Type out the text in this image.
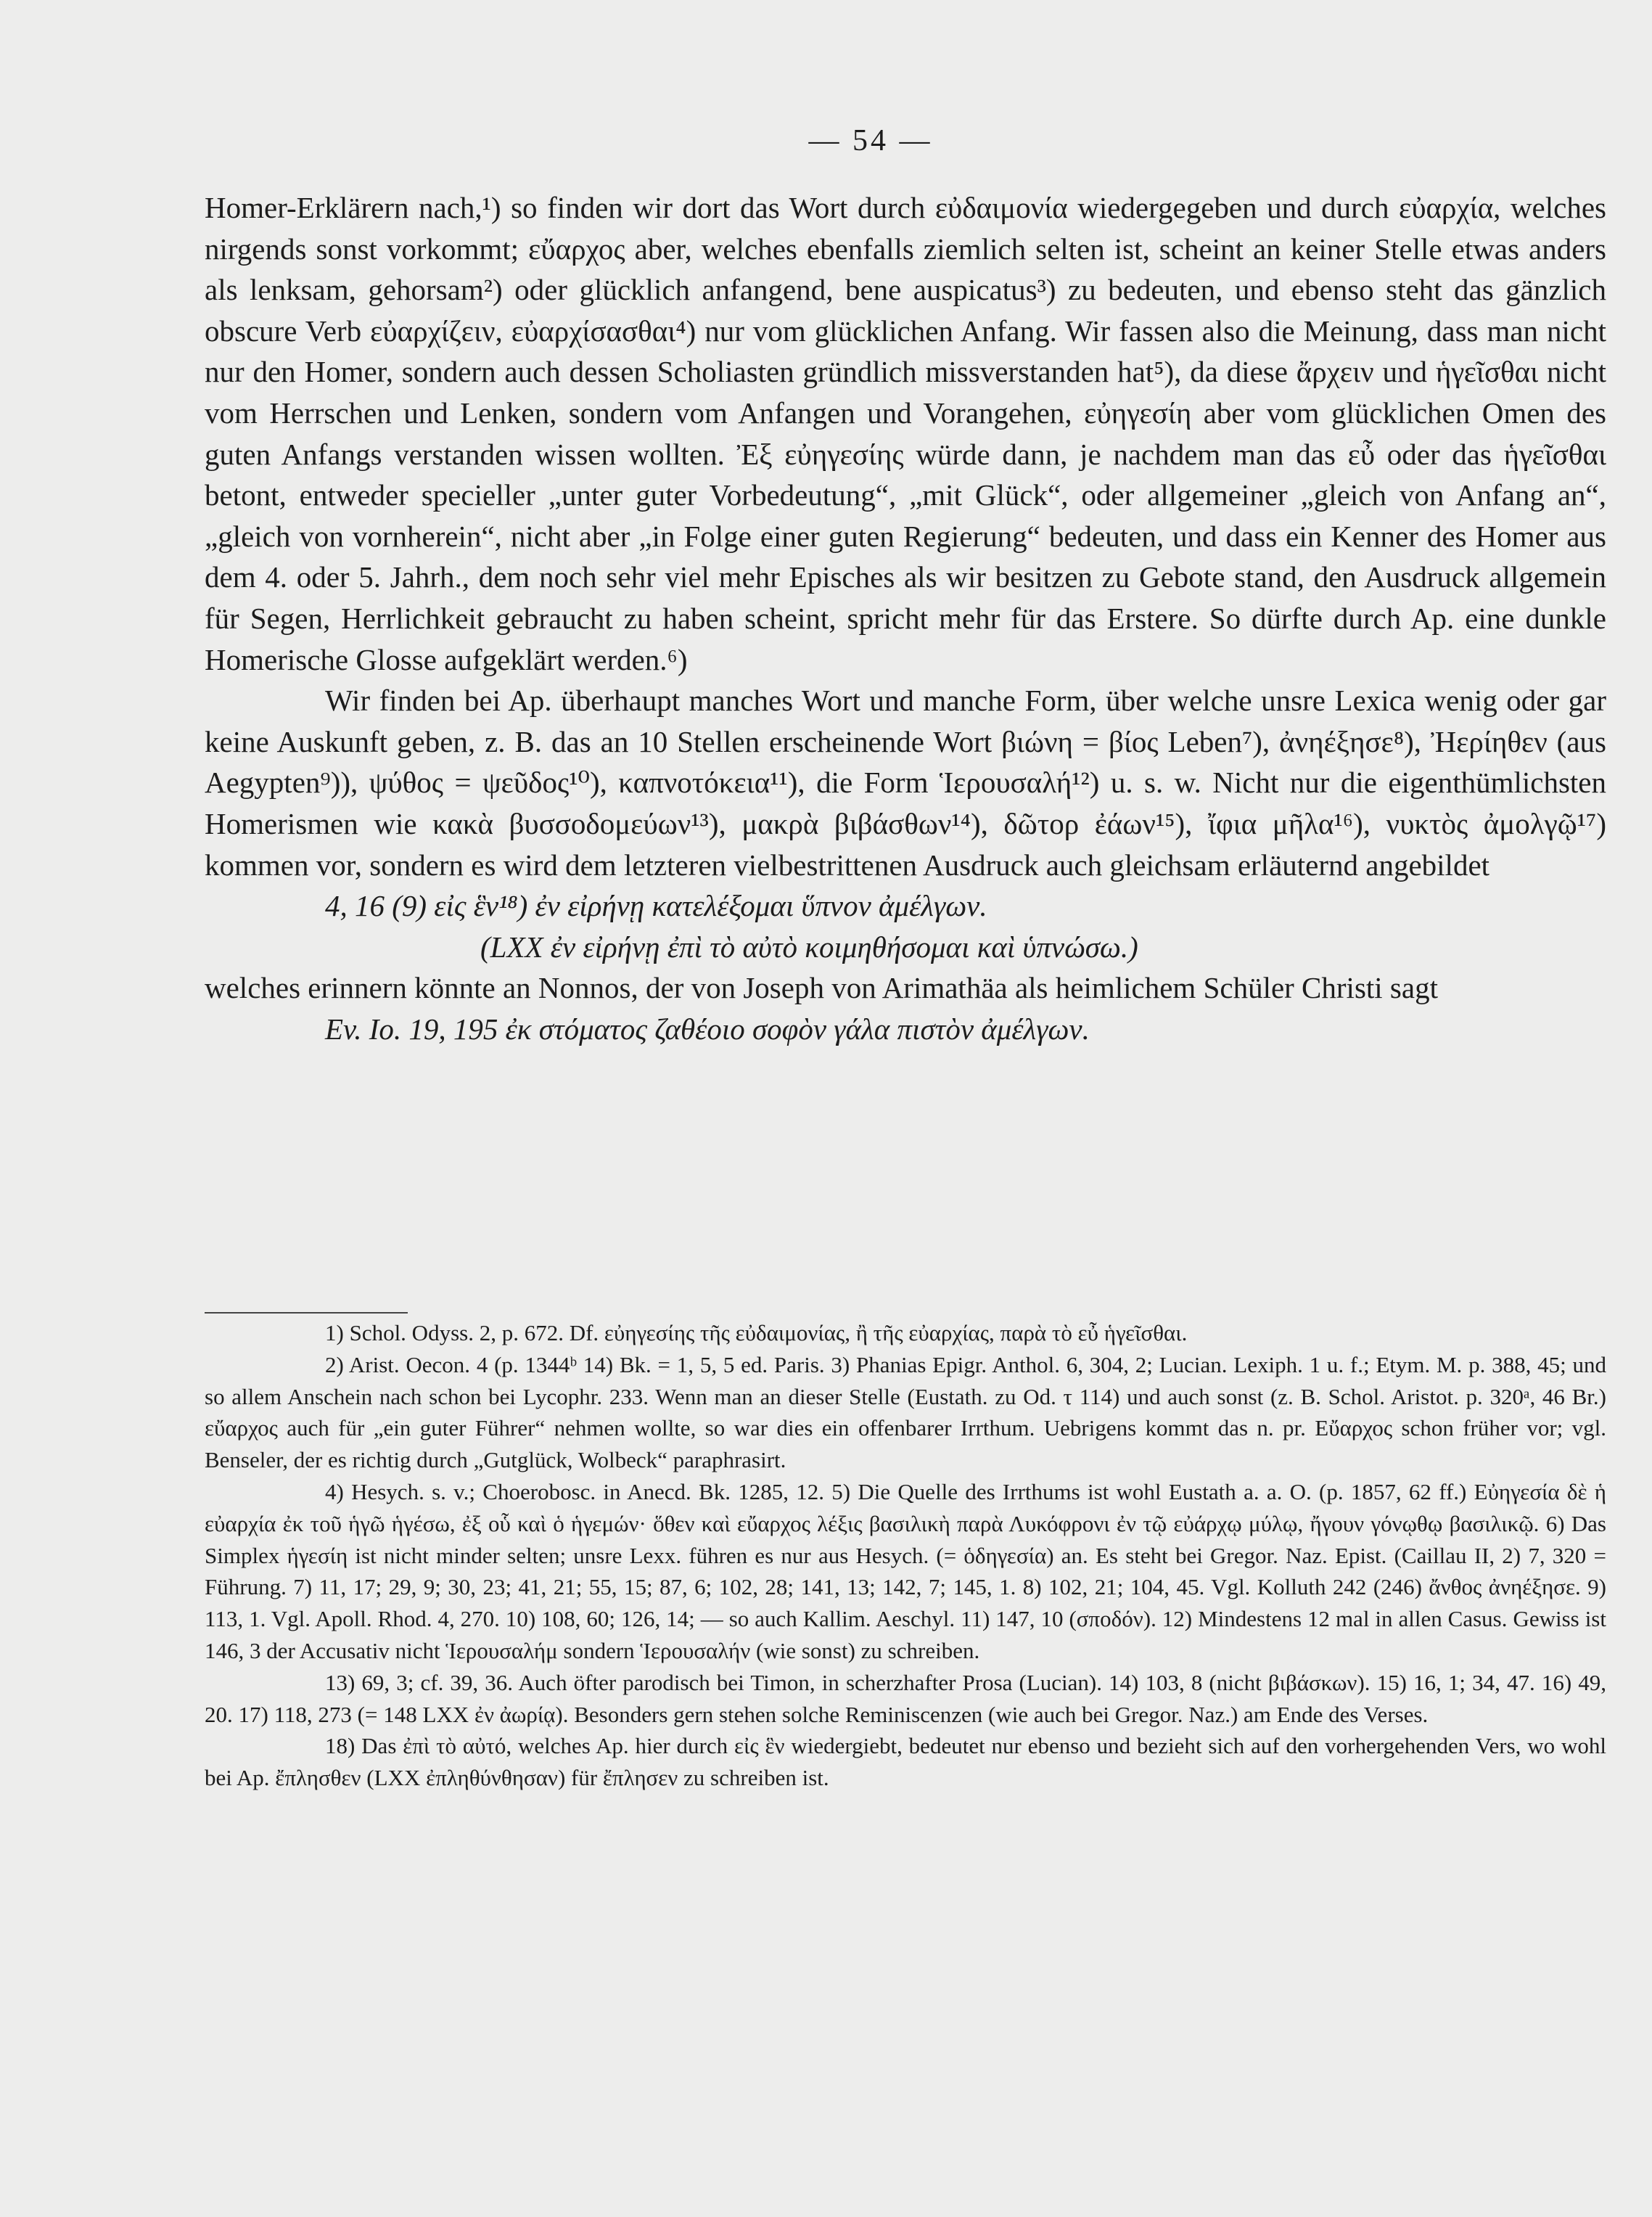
— 54 —

Homer-Erklärern nach,¹) so finden wir dort das Wort durch εὐδαιμονία wiedergegeben und durch εὐαρχία, welches nirgends sonst vorkommt; εὔαρχος aber, welches ebenfalls ziemlich selten ist, scheint an keiner Stelle etwas anders als lenksam, gehorsam²) oder glücklich anfangend, bene auspicatus³) zu bedeuten, und ebenso steht das gänzlich obscure Verb εὐαρχίζειν, εὐαρχίσασθαι⁴) nur vom glücklichen Anfang. Wir fassen also die Meinung, dass man nicht nur den Homer, sondern auch dessen Scholiasten gründlich missverstanden hat⁵), da diese ἄρχειν und ἡγεῖσθαι nicht vom Herrschen und Lenken, sondern vom Anfangen und Vorangehen, εὐηγεσίη aber vom glücklichen Omen des guten Anfangs verstanden wissen wollten. Ἐξ εὐηγεσίης würde dann, je nachdem man das εὖ oder das ἡγεῖσθαι betont, entweder specieller „unter guter Vorbedeutung“, „mit Glück“, oder allgemeiner „gleich von Anfang an“, „gleich von vornherein“, nicht aber „in Folge einer guten Regierung“ bedeuten, und dass ein Kenner des Homer aus dem 4. oder 5. Jahrh., dem noch sehr viel mehr Episches als wir besitzen zu Gebote stand, den Ausdruck allgemein für Segen, Herrlichkeit gebraucht zu haben scheint, spricht mehr für das Erstere. So dürfte durch Ap. eine dunkle Homerische Glosse aufgeklärt werden.⁶)

Wir finden bei Ap. überhaupt manches Wort und manche Form, über welche unsre Lexica wenig oder gar keine Auskunft geben, z. B. das an 10 Stellen erscheinende Wort βιώνη = βίος Leben⁷), ἀνηέξησε⁸), Ἠερίηθεν (aus Aegypten⁹)), ψύθος = ψεῦδος¹⁰), καπνοτόκεια¹¹), die Form Ἱερουσαλή¹²) u. s. w. Nicht nur die eigenthümlichsten Homerismen wie κακὰ βυσσοδομεύων¹³), μακρὰ βιβάσθων¹⁴), δῶτορ ἐάων¹⁵), ἴφια μῆλα¹⁶), νυκτὸς ἀμολγῷ¹⁷) kommen vor, sondern es wird dem letzteren vielbestrittenen Ausdruck auch gleichsam erläuternd angebildet

4, 16 (9) εἰς ἓν¹⁸) ἐν εἰρήνῃ κατελέξομαι ὕπνον ἀμέλγων.

(LXX ἐν εἰρήνῃ ἐπὶ τὸ αὐτὸ κοιμηθήσομαι καὶ ὑπνώσω.)

welches erinnern könnte an Nonnos, der von Joseph von Arimathäa als heimlichem Schüler Christi sagt

Ev. Io. 19, 195 ἐκ στόματος ζαθέοιο σοφὸν γάλα πιστὸν ἀμέλγων.

1) Schol. Odyss. 2, p. 672. Df. εὐηγεσίης τῆς εὐδαιμονίας, ἢ τῆς εὐαρχίας, παρὰ τὸ εὖ ἡγεῖσθαι.

2) Arist. Oecon. 4 (p. 1344ᵇ 14) Bk. = 1, 5, 5 ed. Paris. 3) Phanias Epigr. Anthol. 6, 304, 2; Lucian. Lexiph. 1 u. f.; Etym. M. p. 388, 45; und so allem Anschein nach schon bei Lycophr. 233. Wenn man an dieser Stelle (Eustath. zu Od. τ 114) und auch sonst (z. B. Schol. Aristot. p. 320ᵃ, 46 Br.) εὔαρχος auch für „ein guter Führer“ nehmen wollte, so war dies ein offenbarer Irrthum. Uebrigens kommt das n. pr. Εὔαρχος schon früher vor; vgl. Benseler, der es richtig durch „Gutglück, Wolbeck“ paraphrasirt.

4) Hesych. s. v.; Choerobosc. in Anecd. Bk. 1285, 12. 5) Die Quelle des Irrthums ist wohl Eustath a. a. O. (p. 1857, 62 ff.) Εὐηγεσία δὲ ἡ εὐαρχία ἐκ τοῦ ἡγῶ ἡγέσω, ἐξ οὗ καὶ ὁ ἡγεμών· ὅθεν καὶ εὔαρχος λέξις βασιλικὴ παρὰ Λυκόφρονι ἐν τῷ εὐάρχῳ μύλῳ, ἤγουν γόνῳθῳ βασιλικῷ. 6) Das Simplex ἡγεσίη ist nicht minder selten; unsre Lexx. führen es nur aus Hesych. (= ὁδηγεσία) an. Es steht bei Gregor. Naz. Epist. (Caillau II, 2) 7, 320 = Führung. 7) 11, 17; 29, 9; 30, 23; 41, 21; 55, 15; 87, 6; 102, 28; 141, 13; 142, 7; 145, 1. 8) 102, 21; 104, 45. Vgl. Kolluth 242 (246) ἄνθος ἀνηέξησε. 9) 113, 1. Vgl. Apoll. Rhod. 4, 270. 10) 108, 60; 126, 14; — so auch Kallim. Aeschyl. 11) 147, 10 (σποδόν). 12) Mindestens 12 mal in allen Casus. Gewiss ist 146, 3 der Accusativ nicht Ἱερουσαλήμ sondern Ἱερουσαλήν (wie sonst) zu schreiben.

13) 69, 3; cf. 39, 36. Auch öfter parodisch bei Timon, in scherzhafter Prosa (Lucian). 14) 103, 8 (nicht βιβάσκων). 15) 16, 1; 34, 47. 16) 49, 20. 17) 118, 273 (= 148 LXX ἐν ἀωρίᾳ). Besonders gern stehen solche Reminiscenzen (wie auch bei Gregor. Naz.) am Ende des Verses.

18) Das ἐπὶ τὸ αὐτό, welches Ap. hier durch εἰς ἓν wiedergiebt, bedeutet nur ebenso und bezieht sich auf den vorhergehenden Vers, wo wohl bei Ap. ἔπλησθεν (LXX ἐπληθύνθησαν) für ἔπλησεν zu schreiben ist.
